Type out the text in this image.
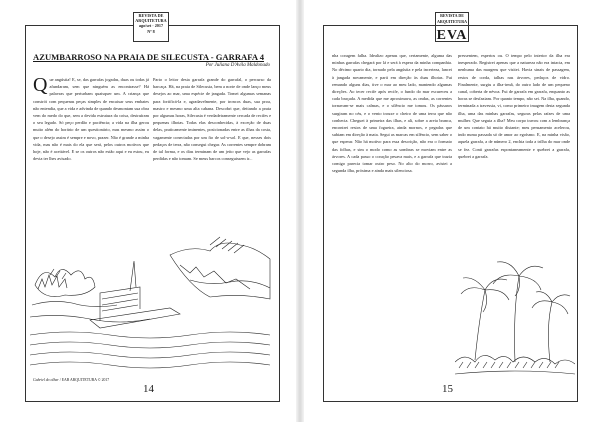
REVISTA DE
ARQUITETURA
ago/set · 2017
Nº 8
AZUMBARROSO NA PRAIA DE SILECUSTA - GARRAFA 4
Por Juliana D'Avila Maldonado
Que angústia! E, se, das garrafas jogadas, duas ou todas já afundaram, sem que ninguém as encontrasse? Há palavras que perturbam quaisquer um. A criança que constrói com pequenas peças simples de encaixar seus embates não entendia, que a vida e advinda de quando desmontam sua obra vem do medo do que, sem a devida estrutura da coisa, destruíram o seu legado. Só peço perdão e paciência; a vida na ilha gerou muito além do horário de um questionário, mas mesmo assim o que o desejo assim é sempre e novo, prazer. Não é grande a minha vida, mas não é mais do ela que será, pelos outros motivos que hoje, não é aceitável. E se os outros não estão aqui e eu estou, eu devia ter lhes avisado.
Parto o leitor desta garrafa grande do garrafal, o percurso da barcaça. Há, na praia de Silecusta, bem a norte de onde lanço meus desejos ao mar, uma espécie de jangada. Tomei algumas semanas para fortificá-la e, agradavelmente, por troncos duas, sua proa, mastro e mesmo uma alta cabana. Descobri que, deitando a prata por algumas horas, Silecusta é verdadeiramente cercada de recifes e pequenas ilhotas. Todas elas desconhecidas, à exceção de duas delas, praticamente iminentes, posicionadas entre as ilhas da costa, vagamente conectadas por um fio de sol-a-sol. E que, nesses dois pedaços de terra, não consegui chegar. As correntes sempre dobram de tal forma, e os dias terminam de um jeito que vejo as garrafas perdidas e não tomam. Se meus barcos conseguissem ir...
Gabriel do olhar / EAB ARQUITETURA © 2017
14
REVISTA DE ARQUITETURA
EVA
nha coragem falha. Idealizo apenas que, certamente, alguma das minhas garrafas chegará por lá e será à espera da minha companhia. No décimo quarto dia, tornado pela angústia e pela incerteza, lancei à jangada novamente, e parti em direção às duas ilhotas. Fui remando alguns dias, tive o mar ao meu lado, mantendo algumas direções. Ao tecer recife após recife, o fundo do mar escureceu a cada braçada. A medida que me aproximava, as ondas, as correntes tornavam-se mais calmas, e o silêncio me tomou. Os pássaros surgiram no céu, e o vento trouxe o cheiro de uma terra que não conhecia. Cheguei à primeira das ilhas, e ali, sobre a areia branca, encontrei restos de uma fogueira, ainda mornos, e pegadas que subiam em direção à mata. Segui as marcas em silêncio, sem saber o que esperar. Não há motivo para essa descrição, não era o formato das folhas, e sim o modo como as sombras se moviam entre as árvores. A cada passo o coração pesava mais, e a garrafa que trazia comigo parecia tomar outro peso. No alto do morro, avistei a segunda ilha, próxima e ainda mais silenciosa.
pressentem, espertos ou. O tempo pelo interior da ilha era inesperado. Registrei apenas que a natureza não era intacta, em nenhuma das margens que visitei. Havia sinais de passagem, restos de corda, talhas nas árvores, pedaços de vidro. Finalmente, surgiu a ilha-irmã, do outro lado de um pequeno canal, coberta de névoa. Fui de garrafa em garrafa, enquanto as horas se desfaziam. Por quanto tempo, não sei. Na ilha, quando, terminada a travessia, vi, como primeiro imagem desta segunda ilha, uma das minhas garrafas, seguras pelas raízes de uma mulher. Que seguia a ilha? Meu corpo travou com a lembrança de um contato há muito distante; meu pensamento acelerou, indo numa passada só de amor ao egoísmo. E, na minha visão, aquela garrafa, a de número 2, enchia toda a trilha do mar onde se fez. Conti garrafas espontaneamente e quebrei a garrafa, quebrei a garrafa.
15
